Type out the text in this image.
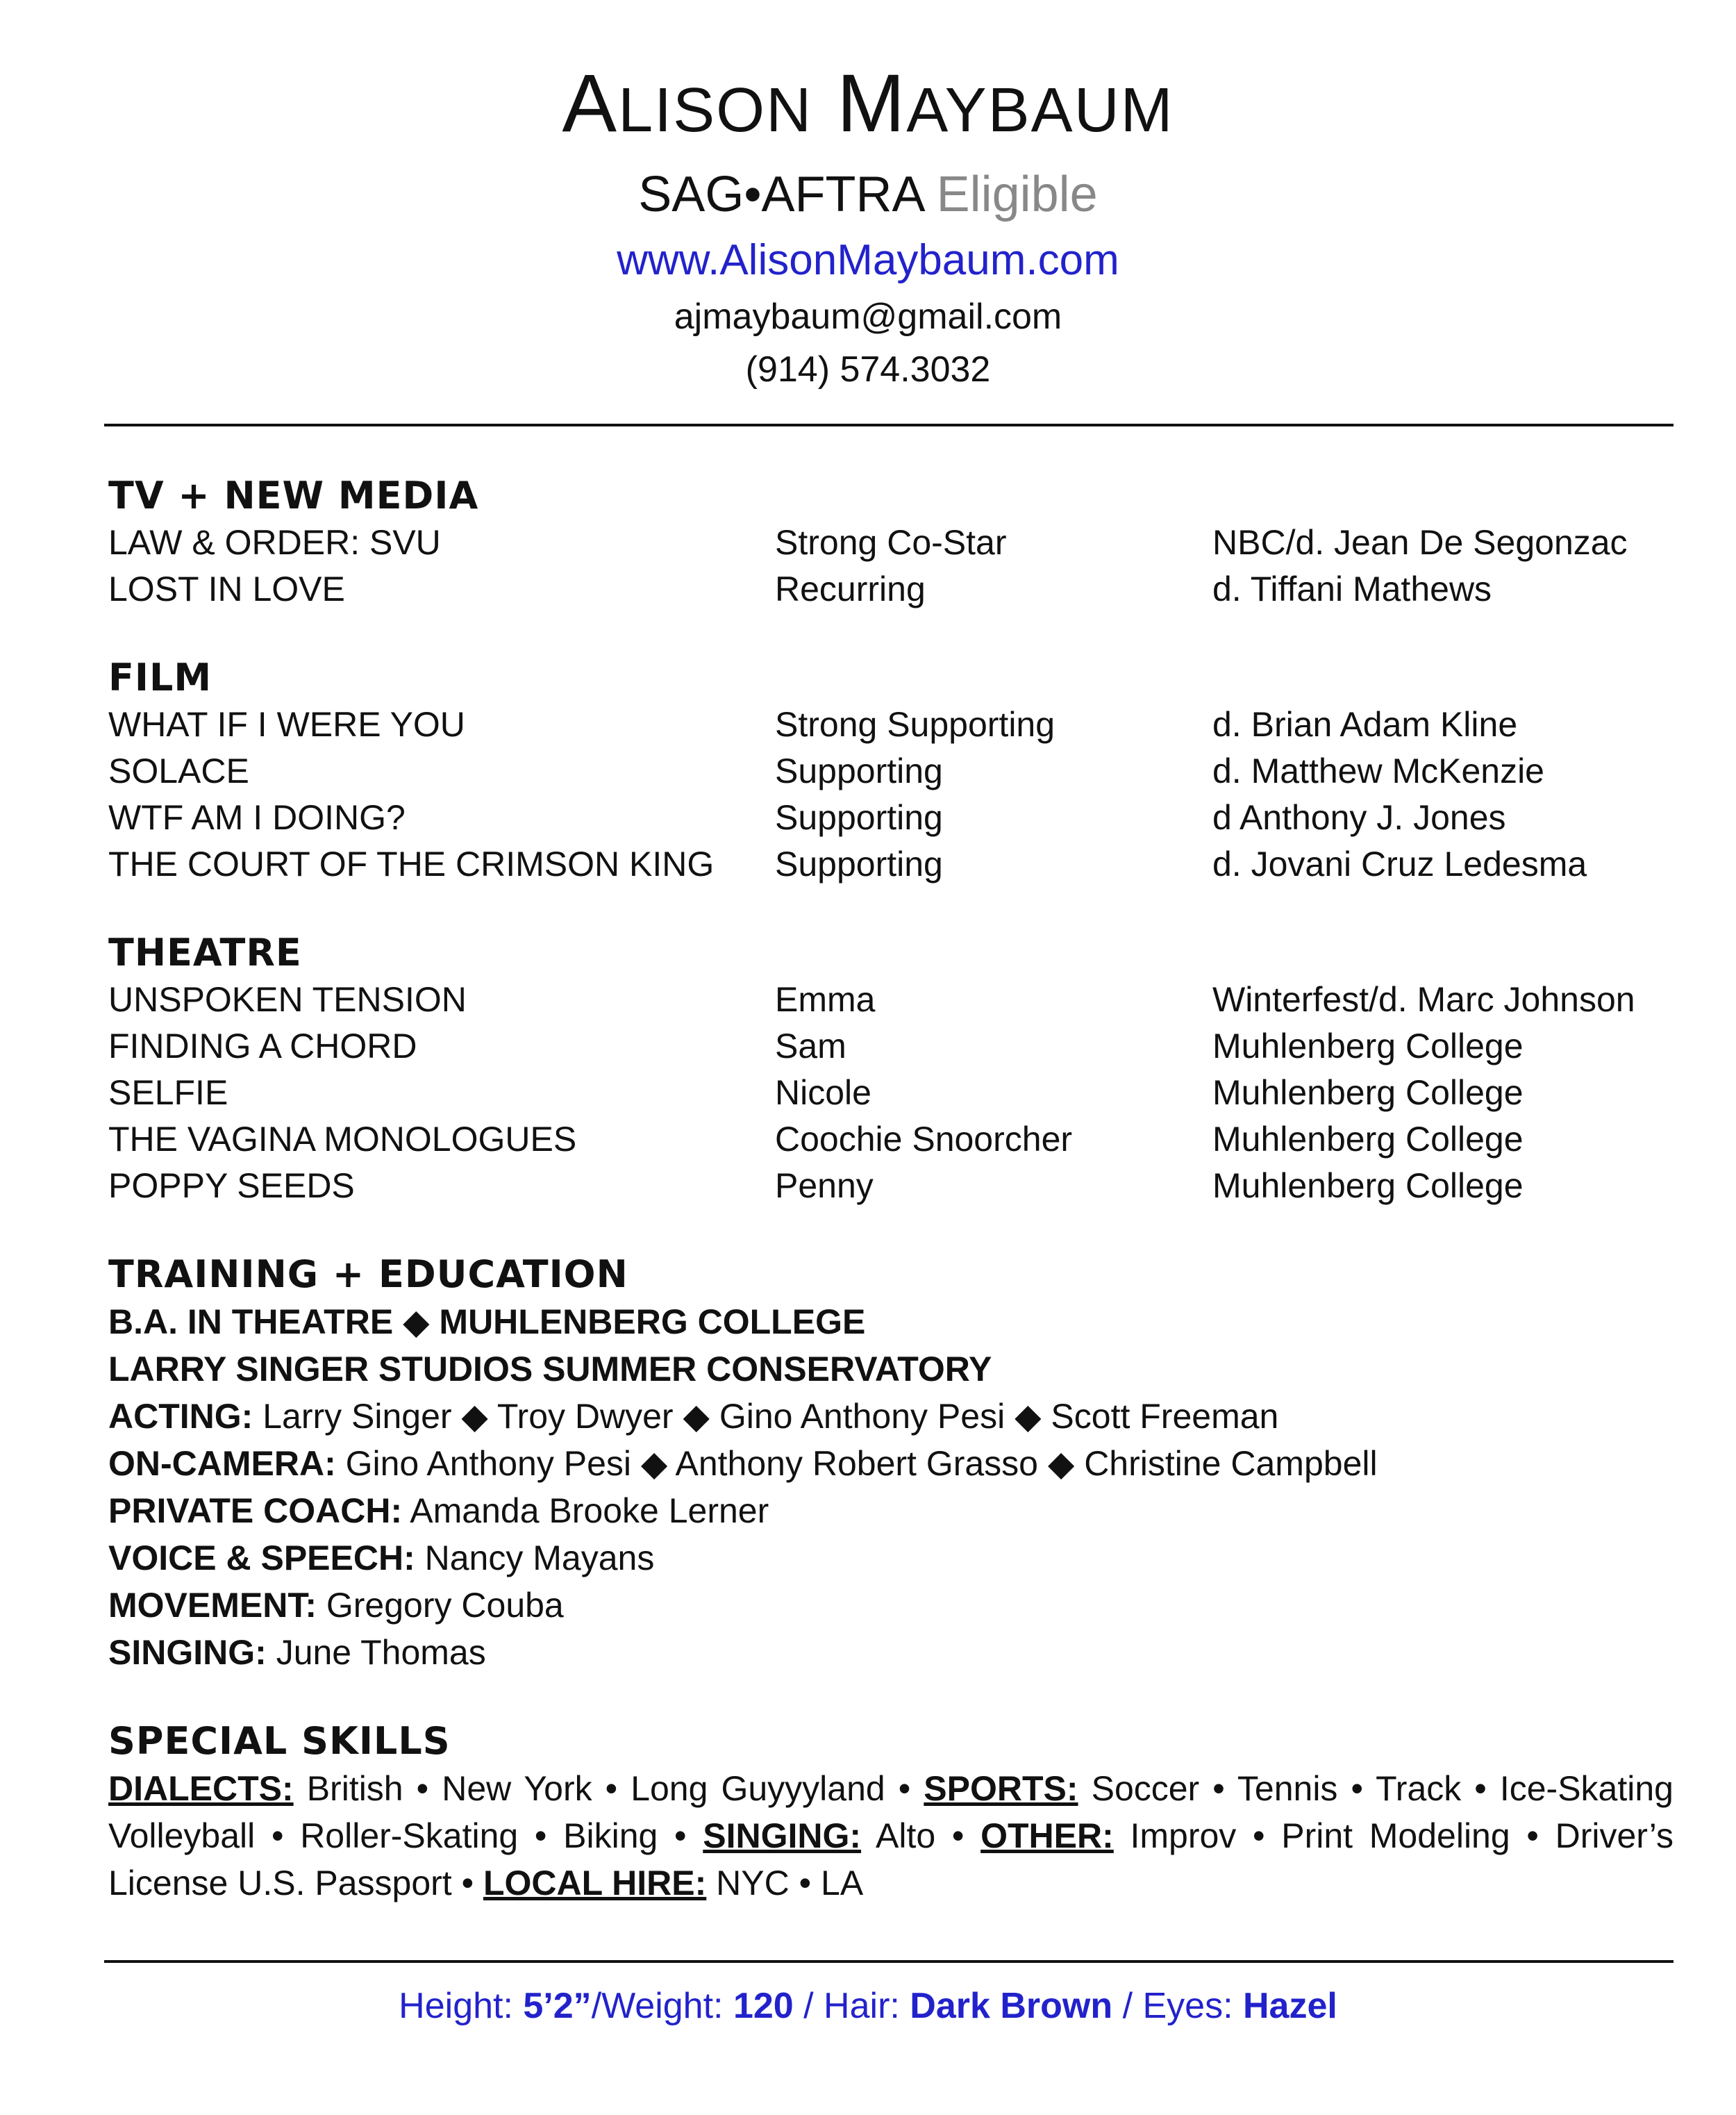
ALISON MAYBAUM
SAG•AFTRA Eligible
www.AlisonMaybaum.com
ajmaybaum@gmail.com
(914) 574.3032
TV + NEW MEDIA
LAW & ORDER: SVU	Strong Co-Star	NBC/d. Jean De Segonzac
LOST IN LOVE	Recurring	d. Tiffani Mathews
FILM
WHAT IF I WERE YOU	Strong Supporting	d. Brian Adam Kline
SOLACE	Supporting	d. Matthew McKenzie
WTF AM I DOING?	Supporting	d Anthony J. Jones
THE COURT OF THE CRIMSON KING Supporting	d. Jovani Cruz Ledesma
THEATRE
UNSPOKEN TENSION	Emma	Winterfest/d. Marc Johnson
FINDING A CHORD	Sam	Muhlenberg College
SELFIE	Nicole	Muhlenberg College
THE VAGINA MONOLOGUES	Coochie Snoorcher	Muhlenberg College
POPPY SEEDS	Penny	Muhlenberg College
TRAINING + EDUCATION
B.A. IN THEATRE ◆ MUHLENBERG COLLEGE
LARRY SINGER STUDIOS SUMMER CONSERVATORY
ACTING: Larry Singer ◆ Troy Dwyer ◆ Gino Anthony Pesi ◆ Scott Freeman
ON-CAMERA: Gino Anthony Pesi ◆ Anthony Robert Grasso ◆ Christine Campbell
PRIVATE COACH: Amanda Brooke Lerner
VOICE & SPEECH: Nancy Mayans
MOVEMENT: Gregory Couba
SINGING: June Thomas
SPECIAL SKILLS
DIALECTS: British • New York • Long Guyyyland • SPORTS: Soccer • Tennis • Track • Ice-Skating Volleyball • Roller-Skating • Biking • SINGING: Alto • OTHER: Improv • Print Modeling • Driver’s License U.S. Passport • LOCAL HIRE: NYC • LA
Height: 5’2”/Weight: 120 / Hair: Dark Brown / Eyes: Hazel
